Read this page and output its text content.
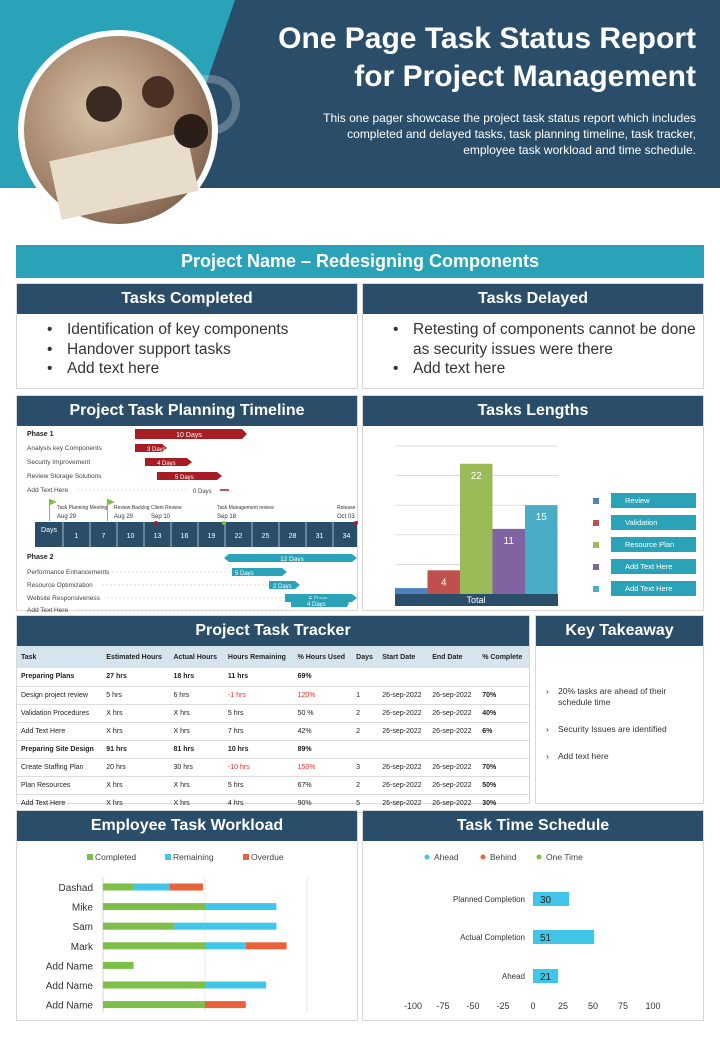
One Page Task Status Report
for Project Management
This one pager showcase the project task status report which includes completed and delayed tasks, task planning timeline, task tracker, employee task workload and time schedule.
Project Name – Redesigning Components
Tasks Completed
• Identification of key components
• Handover support tasks
• Add text here
Tasks Delayed
• Retesting of components cannot be done as security issues were there
• Add text here
Project Task Planning Timeline
Phase 1	10 Days
Analysis key Components	3 Days
Security Improvement	4 Days
Review Storage Solutions	5 Days
Add Text Here	0 Days
Task Planning Meeting
Aug 29
Review Backlog
Aug 29
Client Review
Sep 10
Task Management review
Sep 18
Release
Oct 03
Days
1	7	10	13	16	19	22	25	28	31	34
Phase 2	12 Days
Performance Enhancements	5 Days
Resource Optimization	2 Days
Website Responsiveness
Add Text Here
4 Days
Tasks Lengths
4
22
11
15
Total
Review
Validation
Resource Plan
Add Text Here
Add Text Here
Project Task Tracker
Task	Estimated Hours	Actual Hours	Hours Remaining	% Hours Used	Days	Start Date	End Date	% Complete
Preparing Plans	27 hrs	18 hrs	11 hrs	69%				
Design project review	5 hrs	6 hrs	-1 hrs	120%	1	26-sep-2022	26-sep-2022	70%
Validation Procedures	X hrs	X hrs	5 hrs	50 %	2	26-sep-2022	26-sep-2022	40%
Add Text Here	X hrs	X hrs	7 hrs	42%	2	26-sep-2022	26-sep-2022	6%
Preparing Site Design	91 hrs	81 hrs	10 hrs	89%				
Create Staffing Plan	20 hrs	30 hrs	-10 hrs	150%	3	26-sep-2022	26-sep-2022	70%
Plan Resources	X hrs	X hrs	5 hrs	67%	2	26-sep-2022	26-sep-2022	50%
Add Text Here	X hrs	X hrs	4 hrs	90%	5	26-sep-2022	26-sep-2022	30%
Key Takeaway
› 20% tasks are ahead of their schedule time
› Security Issues are identified
› Add text here
Employee Task Workload
Completed	Remaining	Overdue
Dashad
Mike
Sam
Mark
Add Name
Add Name
Add Name
Task Time Schedule
Ahead	Behind	One Time
Planned Completion 30
Actual Completion 51
Ahead 21
-100 -75 -50 -25 0 25 50 75 100
